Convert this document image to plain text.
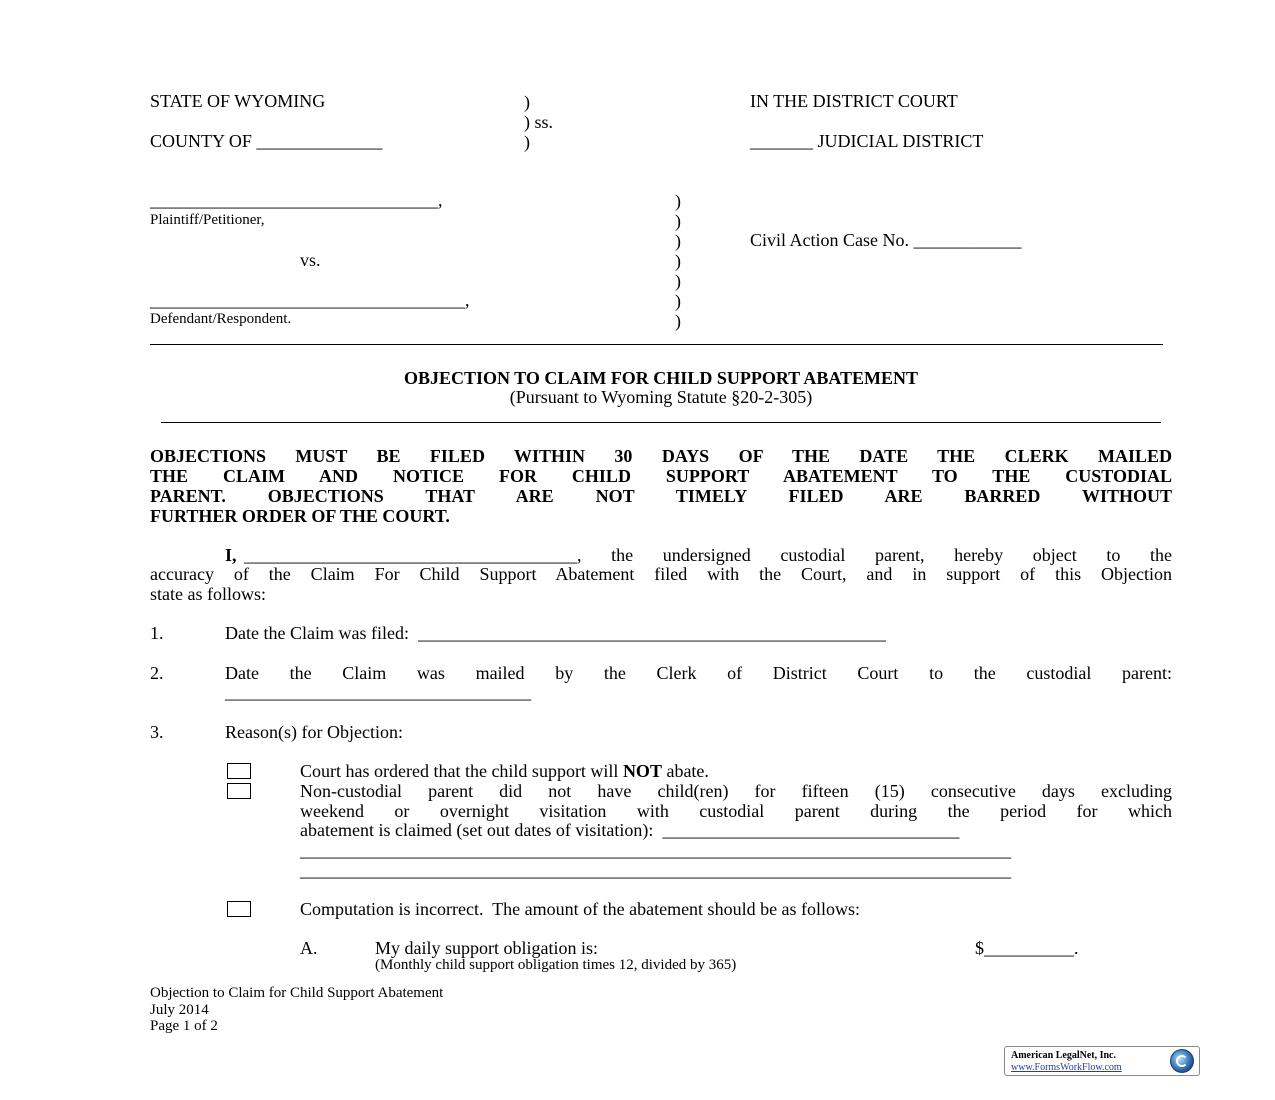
STATE OF WYOMING
COUNTY OF ______________
)
) ss.
)
IN THE DISTRICT COURT
_______ JUDICIAL DISTRICT
________________________________,
Plaintiff/Petitioner,
vs.
___________________________________,
Defendant/Respondent.
)
)
)
)
)
)
)
Civil Action Case No. ____________
OBJECTION TO CLAIM FOR CHILD SUPPORT ABATEMENT
(Pursuant to Wyoming Statute §20-2-305)
OBJECTIONS MUST BE FILED WITHIN 30 DAYS OF THE DATE THE CLERK MAILED
THE CLAIM AND NOTICE FOR CHILD SUPPORT ABATEMENT TO THE CUSTODIAL
PARENT. OBJECTIONS THAT ARE NOT TIMELY FILED ARE BARRED WITHOUT
FURTHER ORDER OF THE COURT.
I, _____________________________________, the undersigned custodial parent, hereby object to the
accuracy of the Claim For Child Support Abatement filed with the Court, and in support of this Objection
state as follows:
1.	Date the Claim was filed:  ____________________________________________________
2.	Date the Claim was mailed by the Clerk of District Court to the custodial parent:
__________________________________
3.	Reason(s) for Objection:
Court has ordered that the child support will NOT abate.
Non-custodial parent did not have child(ren) for fifteen (15) consecutive days excluding
weekend or overnight visitation with custodial parent during the period for which
abatement is claimed (set out dates of visitation):  _________________________________
_______________________________________________________________________________
_______________________________________________________________________________
Computation is incorrect.  The amount of the abatement should be as follows:
A.	My daily support obligation is:	$__________.
(Monthly child support obligation times 12, divided by 365)
Objection to Claim for Child Support Abatement
July 2014
Page 1 of 2
American LegalNet, Inc.
www.FormsWorkFlow.com
